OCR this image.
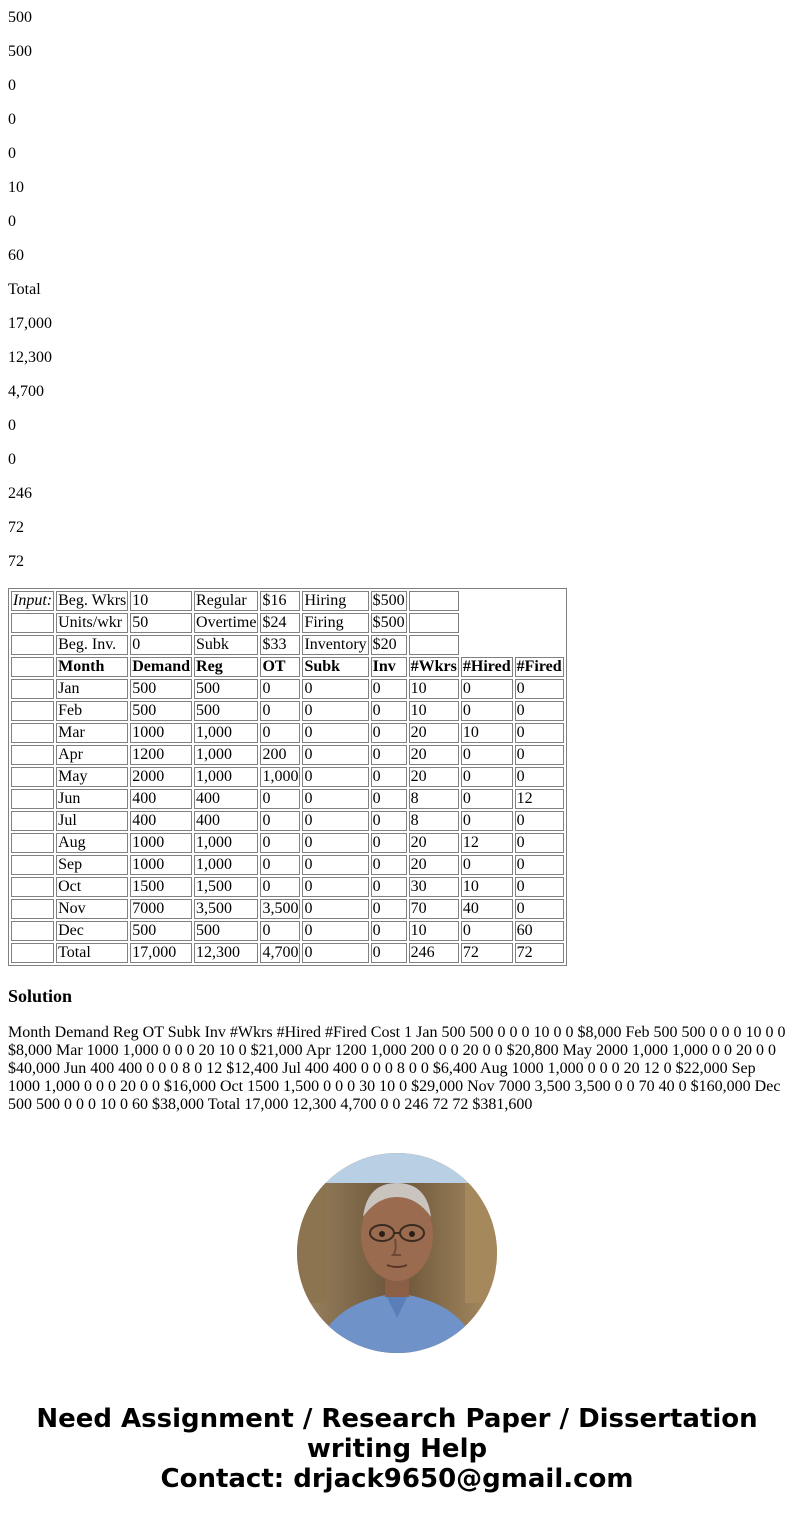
500

500

0

0

0

10

0

60

Total

17,000

12,300

4,700

0

0

246

72

72

Input:	Beg. Wkrs	10	Regular	$16	Hiring	$500			
	Units/wkr	50	Overtime	$24	Firing	$500			
	Beg. Inv.	0	Subk	$33	Inventory	$20			
	Month	Demand	Reg	OT	Subk	Inv	#Wkrs	#Hired	#Fired
	Jan	500	500	0	0	0	10	0	0
	Feb	500	500	0	0	0	10	0	0
	Mar	1000	1,000	0	0	0	20	10	0
	Apr	1200	1,000	200	0	0	20	0	0
	May	2000	1,000	1,000	0	0	20	0	0
	Jun	400	400	0	0	0	8	0	12
	Jul	400	400	0	0	0	8	0	0
	Aug	1000	1,000	0	0	0	20	12	0
	Sep	1000	1,000	0	0	0	20	0	0
	Oct	1500	1,500	0	0	0	30	10	0
	Nov	7000	3,500	3,500	0	0	70	40	0
	Dec	500	500	0	0	0	10	0	60
	Total	17,000	12,300	4,700	0	0	246	72	72
Solution

Month Demand Reg OT Subk Inv #Wkrs #Hired #Fired Cost 1 Jan 500 500 0 0 0 10 0 0 $8,000 Feb 500 500 0 0 0 10 0 0 $8,000 Mar 1000 1,000 0 0 0 20 10 0 $21,000 Apr 1200 1,000 200 0 0 20 0 0 $20,800 May 2000 1,000 1,000 0 0 20 0 0 $40,000 Jun 400 400 0 0 0 8 0 12 $12,400 Jul 400 400 0 0 0 8 0 0 $6,400 Aug 1000 1,000 0 0 0 20 12 0 $22,000 Sep 1000 1,000 0 0 0 20 0 0 $16,000 Oct 1500 1,500 0 0 0 30 10 0 $29,000 Nov 7000 3,500 3,500 0 0 70 40 0 $160,000 Dec 500 500 0 0 0 10 0 60 $38,000 Total 17,000 12,300 4,700 0 0 246 72 72 $381,600

Need Assignment / Research Paper / Dissertation
writing Help
Contact: drjack9650@gmail.com
